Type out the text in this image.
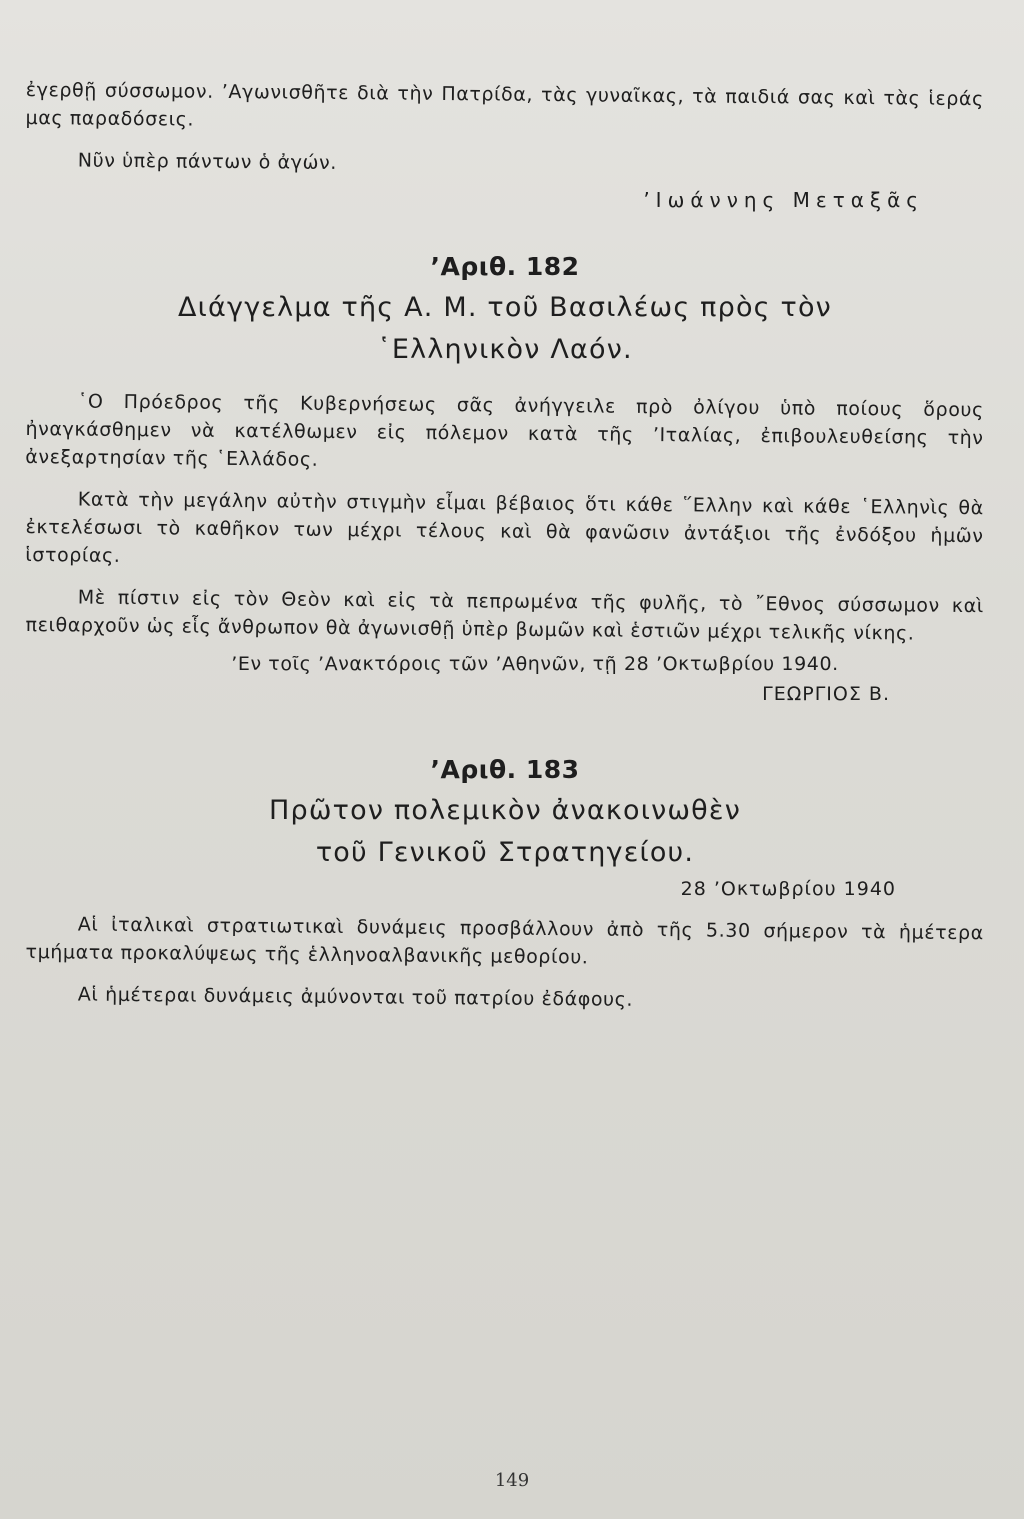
ἐγερθῇ σύσσωμον. ’Αγωνισθῆτε διὰ τὴν Πατρίδα, τὰς γυναῖκας, τὰ παιδιά σας καὶ τὰς ἱεράς μας παραδόσεις.

Νῦν ὑπὲρ πάντων ὁ ἀγών.

’Ιωάννης Μεταξᾶς
’Αριθ. 182

Διάγγελμα τῆς Α. Μ. τοῦ Βασιλέως πρὸς τὸν

῾Ελληνικὸν Λαόν.

῾Ο Πρόεδρος τῆς Κυβερνήσεως σᾶς ἀνήγγειλε πρὸ ὀλίγου ὑπὸ ποίους ὅρους ἠναγκάσθημεν νὰ κατέλθωμεν εἰς πόλεμον κατὰ τῆς ’Ιταλίας, ἐπιβουλευθείσης τὴν ἀνεξαρτησίαν τῆς ῾Ελλάδος.

Κατὰ τὴν μεγάλην αὐτὴν στιγμὴν εἶμαι βέβαιος ὅτι κάθε ῞Ελλην καὶ κάθε ῾Ελληνὶς θὰ ἐκτελέσωσι τὸ καθῆκον των μέχρι τέλους καὶ θὰ φανῶσιν ἀντάξιοι τῆς ἐνδόξου ἡμῶν ἱστορίας.

Μὲ πίστιν εἰς τὸν Θεὸν καὶ εἰς τὰ πεπρωμένα τῆς φυλῆς, τὸ ῎Εθνος σύσσωμον καὶ πειθαρχοῦν ὡς εἷς ἄνθρωπον θὰ ἀγωνισθῇ ὑπὲρ βωμῶν καὶ ἑστιῶν μέχρι τελικῆς νίκης.

’Εν τοῖς ’Ανακτόροις τῶν ’Αθηνῶν, τῇ 28 ’Οκτωβρίου 1940.
ΓΕΩΡΓΙΟΣ Β.
’Αριθ. 183

Πρῶτον πολεμικὸν ἀνακοινωθὲν

τοῦ Γενικοῦ Στρατηγείου.

28 ’Οκτωβρίου 1940

Αἱ ἰταλικαὶ στρατιωτικαὶ δυνάμεις προσβάλλουν ἀπὸ τῆς 5.30 σήμερον τὰ ἡμέτερα τμήματα προκαλύψεως τῆς ἑλληνοαλβανικῆς μεθορίου.

Αἱ ἡμέτεραι δυνάμεις ἀμύνονται τοῦ πατρίου ἐδάφους.

149
